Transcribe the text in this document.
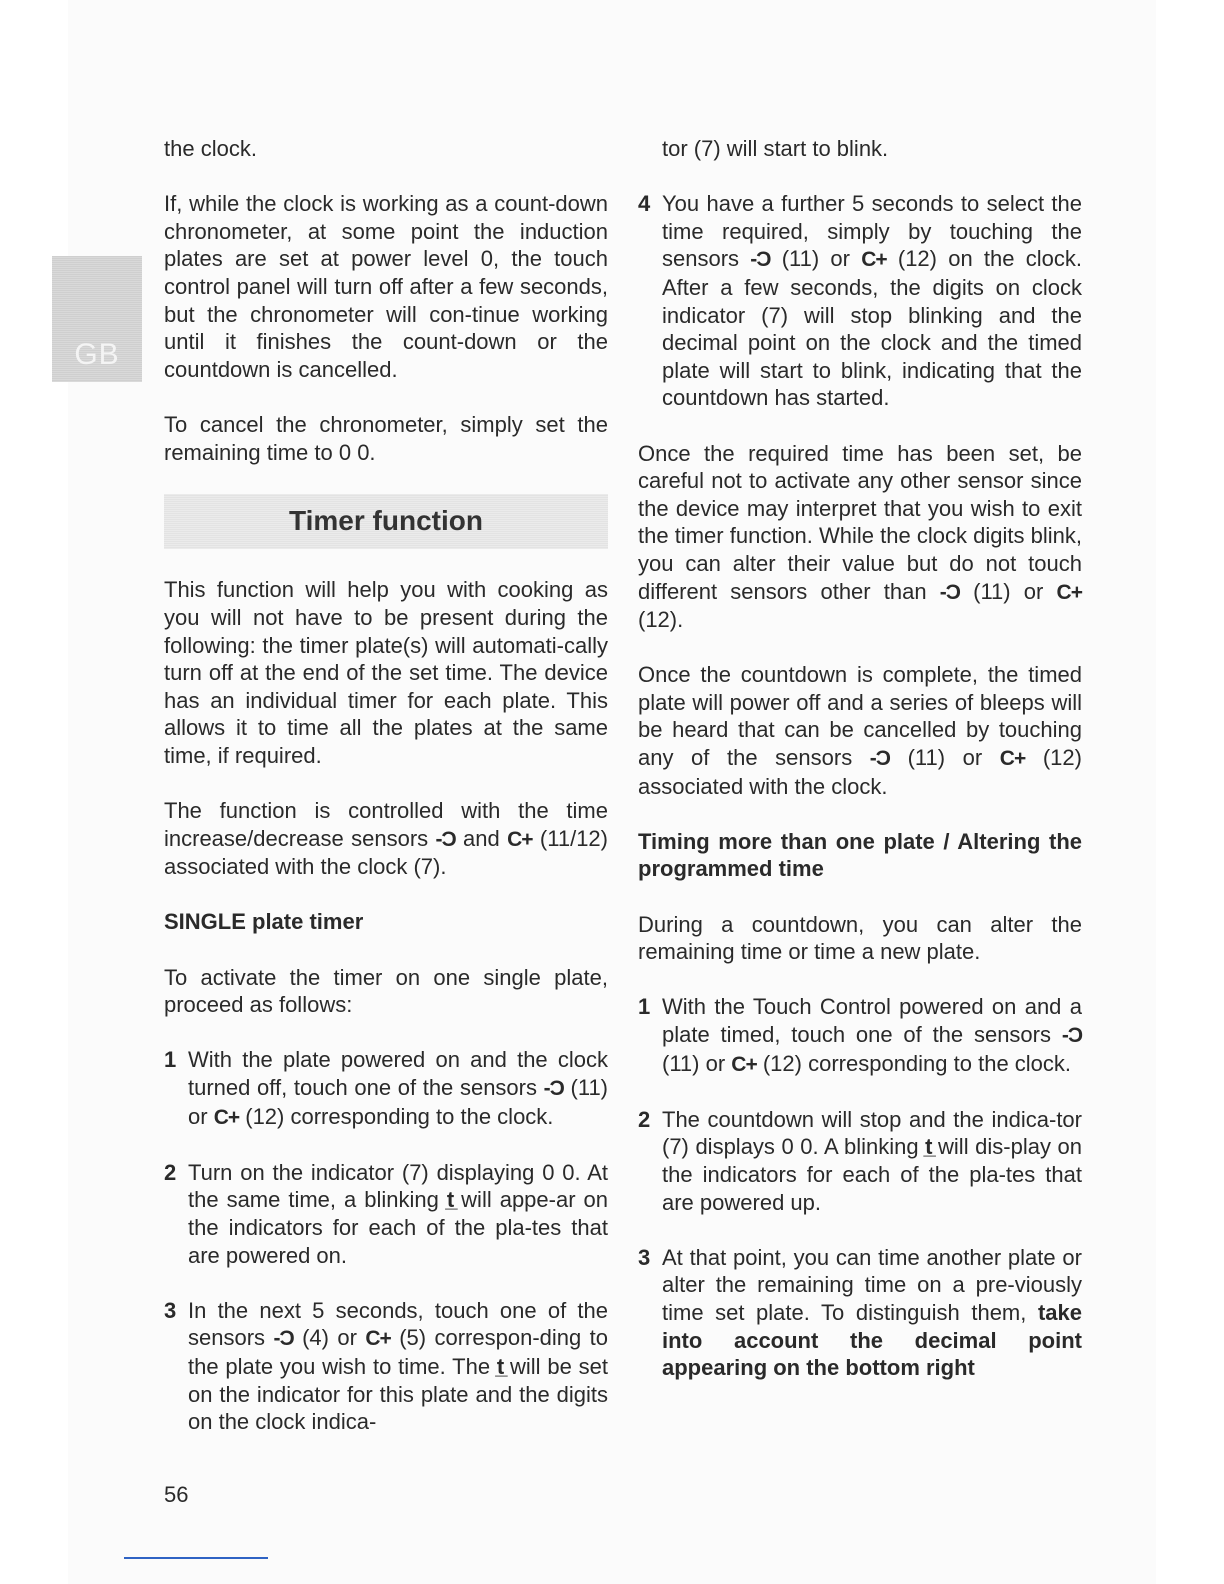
GB

the clock.

If, while the clock is working as a count-down chronometer, at some point the induction plates are set at power level 0, the touch control panel will turn off after a few seconds, but the chronometer will con-tinue working until it finishes the count-down or the countdown is cancelled.

To cancel the chronometer, simply set the remaining time to 0 0.

Timer function

This function will help you with cooking as you will not have to be present during the following: the timer plate(s) will automati-cally turn off at the end of the set time. The device has an individual timer for each plate. This allows it to time all the plates at the same time, if required.

The function is controlled with the time increase/decrease sensors -Ͻ and C+ (11/12) associated with the clock (7).

SINGLE plate timer

To activate the timer on one single plate, proceed as follows:

1 With the plate powered on and the clock turned off, touch one of the sensors -Ͻ (11) or C+ (12) corresponding to the clock.
2 Turn on the indicator (7) displaying 0 0. At the same time, a blinking t̲ will appe-ar on the indicators for each of the pla-tes that are powered on.
3 In the next 5 seconds, touch one of the sensors -Ͻ (4) or C+ (5) correspon-ding to the plate you wish to time. The t̲ will be set on the indicator for this plate and the digits on the clock indica-

tor (7) will start to blink.

4 You have a further 5 seconds to select the time required, simply by touching the sensors -Ͻ (11) or C+ (12) on the clock. After a few seconds, the digits on clock indicator (7) will stop blinking and the decimal point on the clock and the timed plate will start to blink, indicating that the countdown has started.

Once the required time has been set, be careful not to activate any other sensor since the device may interpret that you wish to exit the timer function. While the clock digits blink, you can alter their value but do not touch different sensors other than -Ͻ (11) or C+ (12).

Once the countdown is complete, the timed plate will power off and a series of bleeps will be heard that can be cancelled by touching any of the sensors -Ͻ (11) or C+ (12) associated with the clock.

Timing more than one plate / Altering the programmed time

During a countdown, you can alter the remaining time or time a new plate.

1 With the Touch Control powered on and a plate timed, touch one of the sensors -Ͻ (11) or C+ (12) corresponding to the clock.
2 The countdown will stop and the indica-tor (7) displays 0 0. A blinking t̲ will dis-play on the indicators for each of the pla-tes that are powered up.
3 At that point, you can time another plate or alter the remaining time on a pre-viously time set plate. To distinguish them, take into account the decimal point appearing on the bottom right
56
